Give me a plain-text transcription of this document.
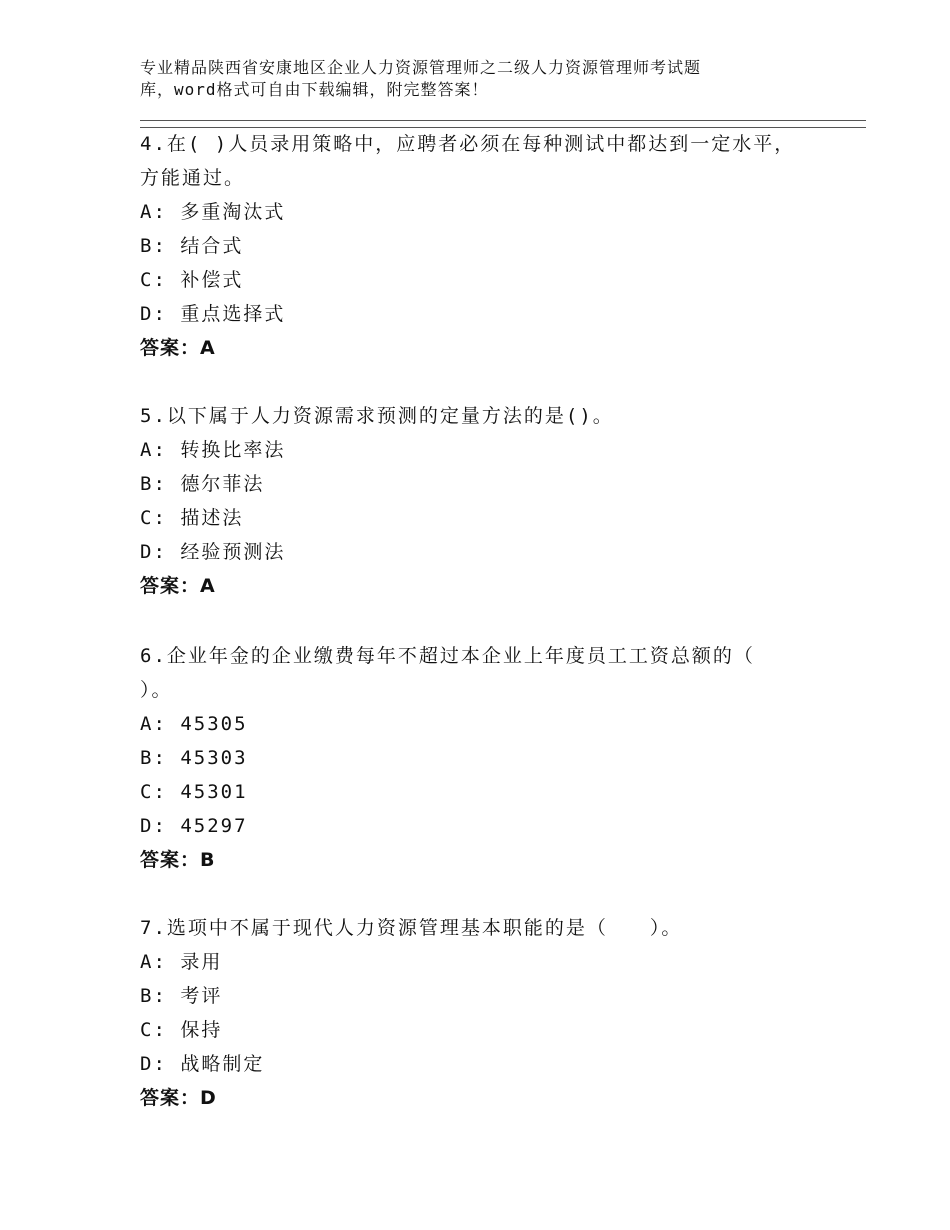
专业精品陕西省安康地区企业人力资源管理师之二级人力资源管理师考试题
库，word格式可自由下载编辑，附完整答案！
4.在( )人员录用策略中，应聘者必须在每种测试中都达到一定水平，
方能通过。
A: 多重淘汰式
B: 结合式
C: 补偿式
D: 重点选择式
答案：A
5.以下属于人力资源需求预测的定量方法的是()。
A: 转换比率法
B: 德尔菲法
C: 描述法
D: 经验预测法
答案：A
6.企业年金的企业缴费每年不超过本企业上年度员工工资总额的（
）。
A: 45305
B: 45303
C: 45301
D: 45297
答案：B
7.选项中不属于现代人力资源管理基本职能的是（　　）。
A: 录用
B: 考评
C: 保持
D: 战略制定
答案：D
